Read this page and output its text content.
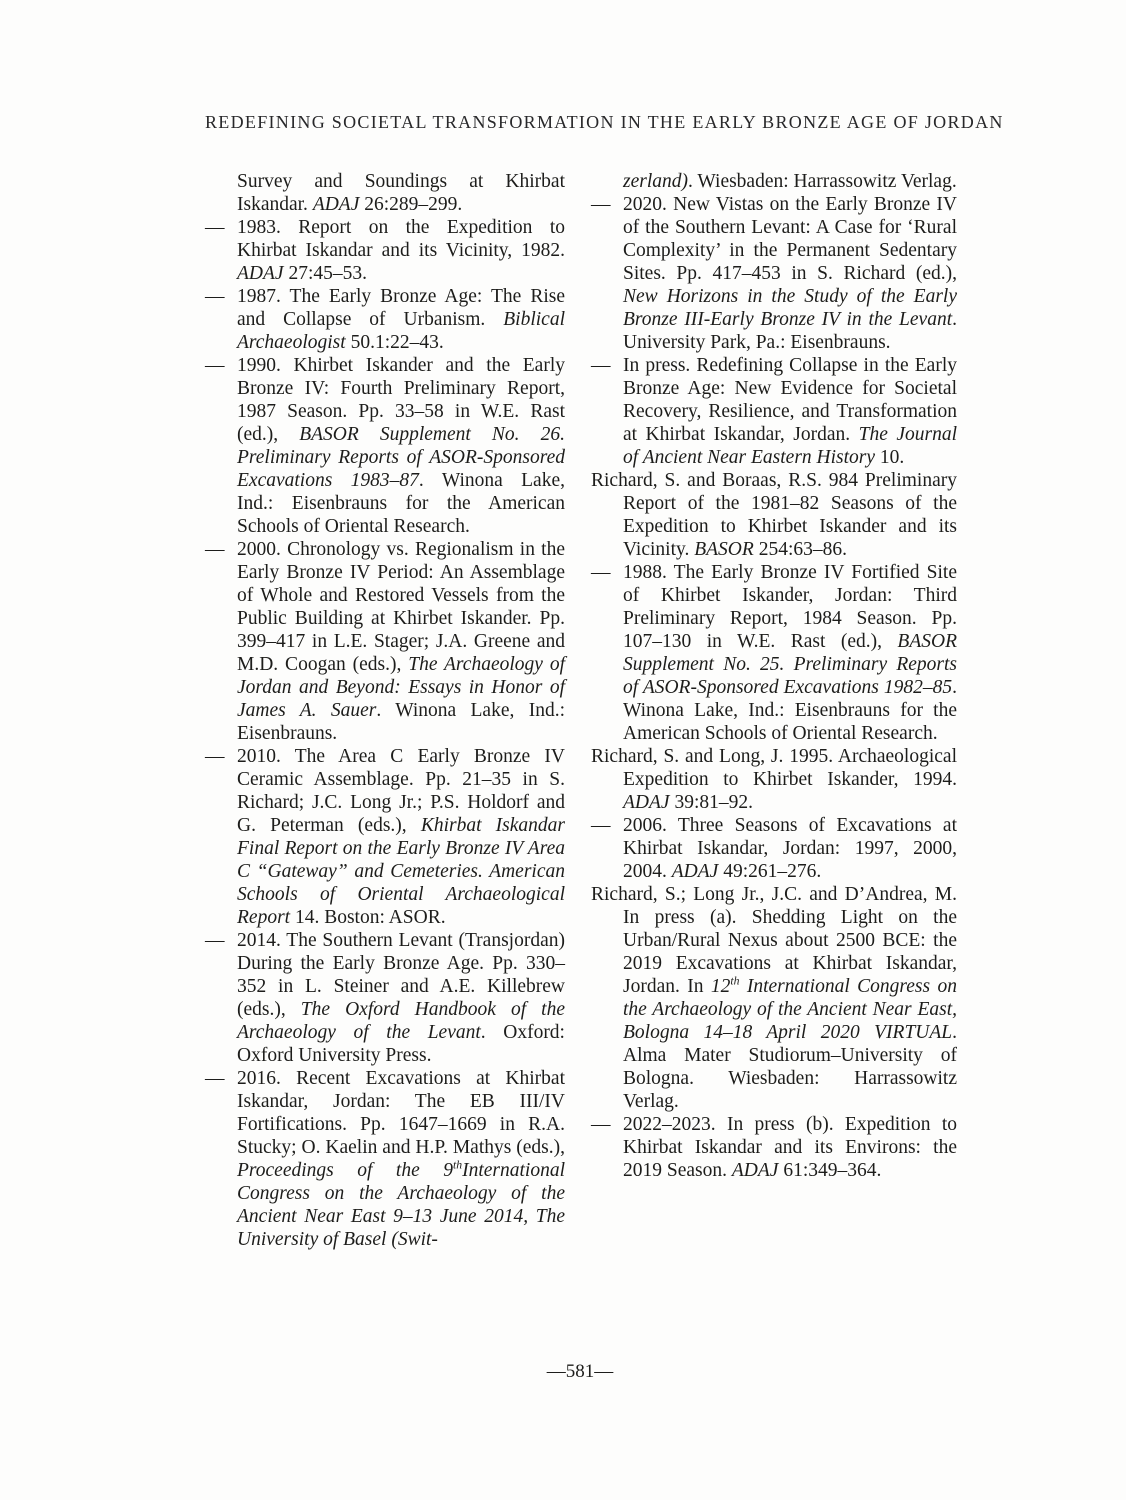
REDEFINING SOCIETAL TRANSFORMATION IN THE EARLY BRONZE AGE OF JORDAN

Survey and Soundings at Khirbat Iskandar. ADAJ 26:289–299.

— 1983. Report on the Expedition to Khirbat Iskandar and its Vicinity, 1982. ADAJ 27:45–53.

— 1987. The Early Bronze Age: The Rise and Collapse of Urbanism. Biblical Archaeologist 50.1:22–43.

— 1990. Khirbet Iskander and the Early Bronze IV: Fourth Preliminary Report, 1987 Season. Pp. 33–58 in W.E. Rast (ed.), BASOR Supplement No. 26. Preliminary Reports of ASOR-Sponsored Excavations 1983–87. Winona Lake, Ind.: Eisenbrauns for the American Schools of Oriental Research.

— 2000. Chronology vs. Regionalism in the Early Bronze IV Period: An Assemblage of Whole and Restored Vessels from the Public Building at Khirbet Iskander. Pp. 399–417 in L.E. Stager; J.A. Greene and M.D. Coogan (eds.), The Archaeology of Jordan and Beyond: Essays in Honor of James A. Sauer. Winona Lake, Ind.: Eisenbrauns.

— 2010. The Area C Early Bronze IV Ceramic Assemblage. Pp. 21–35 in S. Richard; J.C. Long Jr.; P.S. Holdorf and G. Peterman (eds.), Khirbat Iskandar Final Report on the Early Bronze IV Area C “Gateway” and Cemeteries. American Schools of Oriental Archaeological Report 14. Boston: ASOR.

— 2014. The Southern Levant (Transjordan) During the Early Bronze Age. Pp. 330–352 in L. Steiner and A.E. Killebrew (eds.), The Oxford Handbook of the Archaeology of the Levant. Oxford: Oxford University Press.

— 2016. Recent Excavations at Khirbat Iskandar, Jordan: The EB III/IV Fortifications. Pp. 1647–1669 in R.A. Stucky; O. Kaelin and H.P. Mathys (eds.), Proceedings of the 9thInternational Congress on the Archaeology of the Ancient Near East 9–13 June 2014, The University of Basel (Swit-

zerland). Wiesbaden: Harrassowitz Verlag.

— 2020. New Vistas on the Early Bronze IV of the Southern Levant: A Case for ‘Rural Complexity’ in the Permanent Sedentary Sites. Pp. 417–453 in S. Richard (ed.), New Horizons in the Study of the Early Bronze III-Early Bronze IV in the Levant. University Park, Pa.: Eisenbrauns.

— In press. Redefining Collapse in the Early Bronze Age: New Evidence for Societal Recovery, Resilience, and Transformation at Khirbat Iskandar, Jordan. The Journal of Ancient Near Eastern History 10.

Richard, S. and Boraas, R.S. 984 Preliminary Report of the 1981–82 Seasons of the Expedition to Khirbet Iskander and its Vicinity. BASOR 254:63–86.

— 1988. The Early Bronze IV Fortified Site of Khirbet Iskander, Jordan: Third Preliminary Report, 1984 Season. Pp. 107–130 in W.E. Rast (ed.), BASOR Supplement No. 25. Preliminary Reports of ASOR-Sponsored Excavations 1982–85. Winona Lake, Ind.: Eisenbrauns for the American Schools of Oriental Research.

Richard, S. and Long, J. 1995. Archaeological Expedition to Khirbet Iskander, 1994. ADAJ 39:81–92.

— 2006. Three Seasons of Excavations at Khirbat Iskandar, Jordan: 1997, 2000, 2004. ADAJ 49:261–276.

Richard, S.; Long Jr., J.C. and D’Andrea, M. In press (a). Shedding Light on the Urban/Rural Nexus about 2500 BCE: the 2019 Excavations at Khirbat Iskandar, Jordan. In 12th International Congress on the Archaeology of the Ancient Near East, Bologna 14–18 April 2020 VIRTUAL. Alma Mater Studiorum–University of Bologna. Wiesbaden: Harrassowitz Verlag.

— 2022–2023. In press (b). Expedition to Khirbat Iskandar and its Environs: the 2019 Season. ADAJ 61:349–364.

—581—
